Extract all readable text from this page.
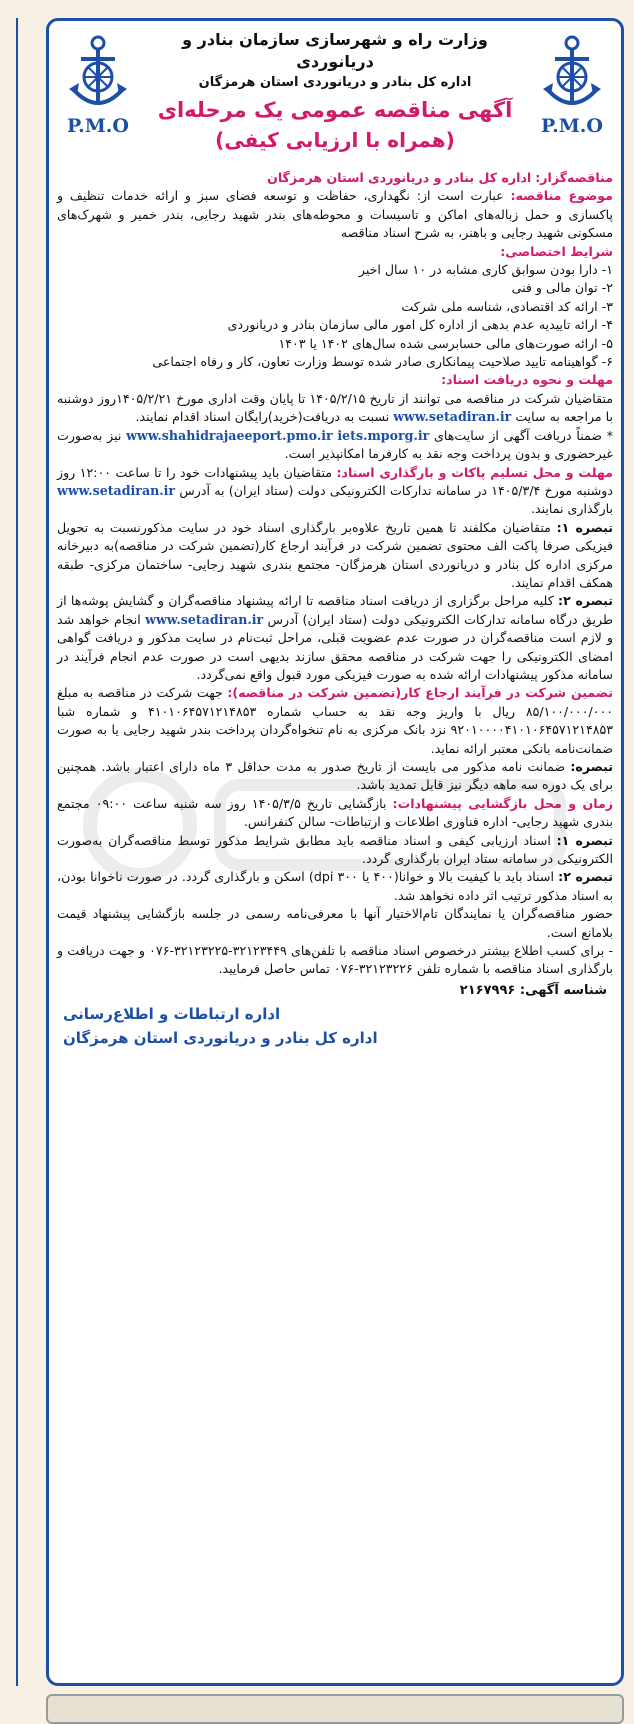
P.M.O
P.M.O
وزارت راه و شهرسازی سازمان بنادر و دریانوردی
اداره کل بنادر و دریانوردی استان هرمزگان
آگهی مناقصه عمومی یک مرحله‌ای
(همراه با ارزیابی کیفی)

مناقصه‌گزار: اداره کل بنادر و دریانوردی استان هرمزگان

موضوع مناقصه: عبارت است از: نگهداری، حفاظت و توسعه فضای سبز و ارائه خدمات تنظیف و پاکسازی و حمل زباله‌های اماکن و تاسیسات و محوطه‌های بندر شهید رجایی، بندر خمیر و شهرک‌های مسکونی شهید رجایی و باهنر، به شرح اسناد مناقصه

شرایط اختصاصی:

۱- دارا بودن سوابق کاری مشابه در ۱۰ سال اخیر

۲- توان مالی و فنی

۳- ارائه کد اقتصادی، شناسه ملی شرکت

۴- ارائه تاییدیه عدم بدهی از اداره کل امور مالی سازمان بنادر و دریانوردی

۵- ارائه صورت‌های مالی حسابرسی شده سال‌های ۱۴۰۲ یا ۱۴۰۳

۶- گواهینامه تایید صلاحیت پیمانکاری صادر شده توسط وزارت تعاون، کار و رفاه اجتماعی

مهلت و نحوه دریافت اسناد:

متقاضیان شرکت در مناقصه می توانند از تاریخ ۱۴۰۵/۲/۱۵ تا پایان وقت اداری مورخ ۱۴۰۵/۲/۲۱روز دوشنبه با مراجعه به سایت www.setadiran.ir نسبت به دریافت(خرید)رایگان اسناد اقدام نمایند.

* ضمناً دریافت آگهی از سایت‌های www.shahidrajaeeport.pmo.ir iets.mporg.ir نیز به‌صورت غیرحضوری و بدون پرداخت وجه نقد به کارفرما امکانپذیر است.

مهلت و محل تسلیم پاکات و بارگذاری اسناد: متقاضیان باید پیشنهادات خود را تا ساعت ۱۲:۰۰ روز دوشنبه مورخ ۱۴۰۵/۳/۴ در سامانه تدارکات الکترونیکی دولت (ستاد ایران) به آدرس www.setadiran.ir بارگذاری نمایند.

تبصره ۱: متقاضیان مکلفند تا همین تاریخ علاوه‌بر بارگذاری اسناد خود در سایت مذکورنسبت به تحویل فیزیکی صرفا پاکت الف محتوی تضمین شرکت در فرآیند ارجاع کار(تضمین شرکت در مناقصه)به دبیرخانه مرکزی اداره کل بنادر و دریانوردی استان هرمزگان- مجتمع بندری شهید رجایی- ساختمان مرکزی- طبقه همکف اقدام نمایند.

تبصره ۲: کلیه مراحل برگزاری از دریافت اسناد مناقصه تا ارائه پیشنهاد مناقصه‌گران و گشایش پوشه‌ها از طریق درگاه سامانه تدارکات الکترونیکی دولت (ستاد ایران) آدرس www.setadiran.ir انجام خواهد شد و لازم است مناقصه‌گران در صورت عدم عضویت قبلی، مراحل ثبت‌نام در سایت مذکور و دریافت گواهی امضای الکترونیکی را جهت شرکت در مناقصه محقق سازند بدیهی است در صورت عدم انجام فرآیند در سامانه مذکور پیشنهادات ارائه شده به صورت فیزیکی مورد قبول واقع نمی‌گردد.

تضمین شرکت در فرآیند ارجاع کار(تضمین شرکت در مناقصه): جهت شرکت در مناقصه به مبلغ ۸۵/۱۰۰/۰۰۰/۰۰۰ ریال با واریز وجه نقد به حساب شماره ۴۱۰۱۰۶۴۵۷۱۲۱۴۸۵۳ و شماره شبا ۹۲۰۱۰۰۰۰۴۱۰۱۰۶۴۵۷۱۲۱۴۸۵۳ نزد بانک مرکزی به نام تنخواه‌گردان پرداخت بندر شهید رجایی یا به صورت ضمانت‌نامه بانکی معتبر ارائه نماید.

تبصره: ضمانت نامه مذکور می بایست از تاریخ صدور به مدت حداقل ۳ ماه دارای اعتبار باشد. همچنین برای یک دوره سه ماهه دیگر نیز قابل تمدید باشد.

زمان و محل بازگشایی پیشنهادات: بازگشایی تاریخ ۱۴۰۵/۳/۵ روز سه شنبه ساعت ۰۹:۰۰ مجتمع بندری شهید رجایی- اداره فناوری اطلاعات و ارتباطات- سالن کنفرانس.

تبصره ۱: اسناد ارزیابی کیفی و اسناد مناقصه باید مطابق شرایط مذکور توسط مناقصه‌گران به‌صورت الکترونیکی در سامانه ستاد ایران بارگذاری گردد.

تبصره ۲: اسناد باید با کیفیت بالا و خوانا(۴۰۰ یا ۳۰۰ dpi) اسکن و بارگذاری گردد. در صورت ناخوانا بودن، به اسناد مذکور ترتیب اثر داده نخواهد شد.

حضور مناقصه‌گران یا نمایندگان تام‌الاختیار آنها با معرفی‌نامه رسمی در جلسه بازگشایی پیشنهاد قیمت بلامانع است.

- برای کسب اطلاع بیشتر درخصوص اسناد مناقصه با تلفن‌های ۳۲۱۲۳۴۴۹-۳۲۱۲۳۲۲۵-۰۷۶ و جهت دریافت و بارگذاری اسناد مناقصه با شماره تلفن ۳۲۱۲۳۲۲۶-۰۷۶ تماس حاصل فرمایید.

شناسه آگهی: ۲۱۶۷۹۹۶
اداره ارتباطات و اطلاع‌رسانی
اداره کل بنادر و دریانوردی استان هرمزگان
